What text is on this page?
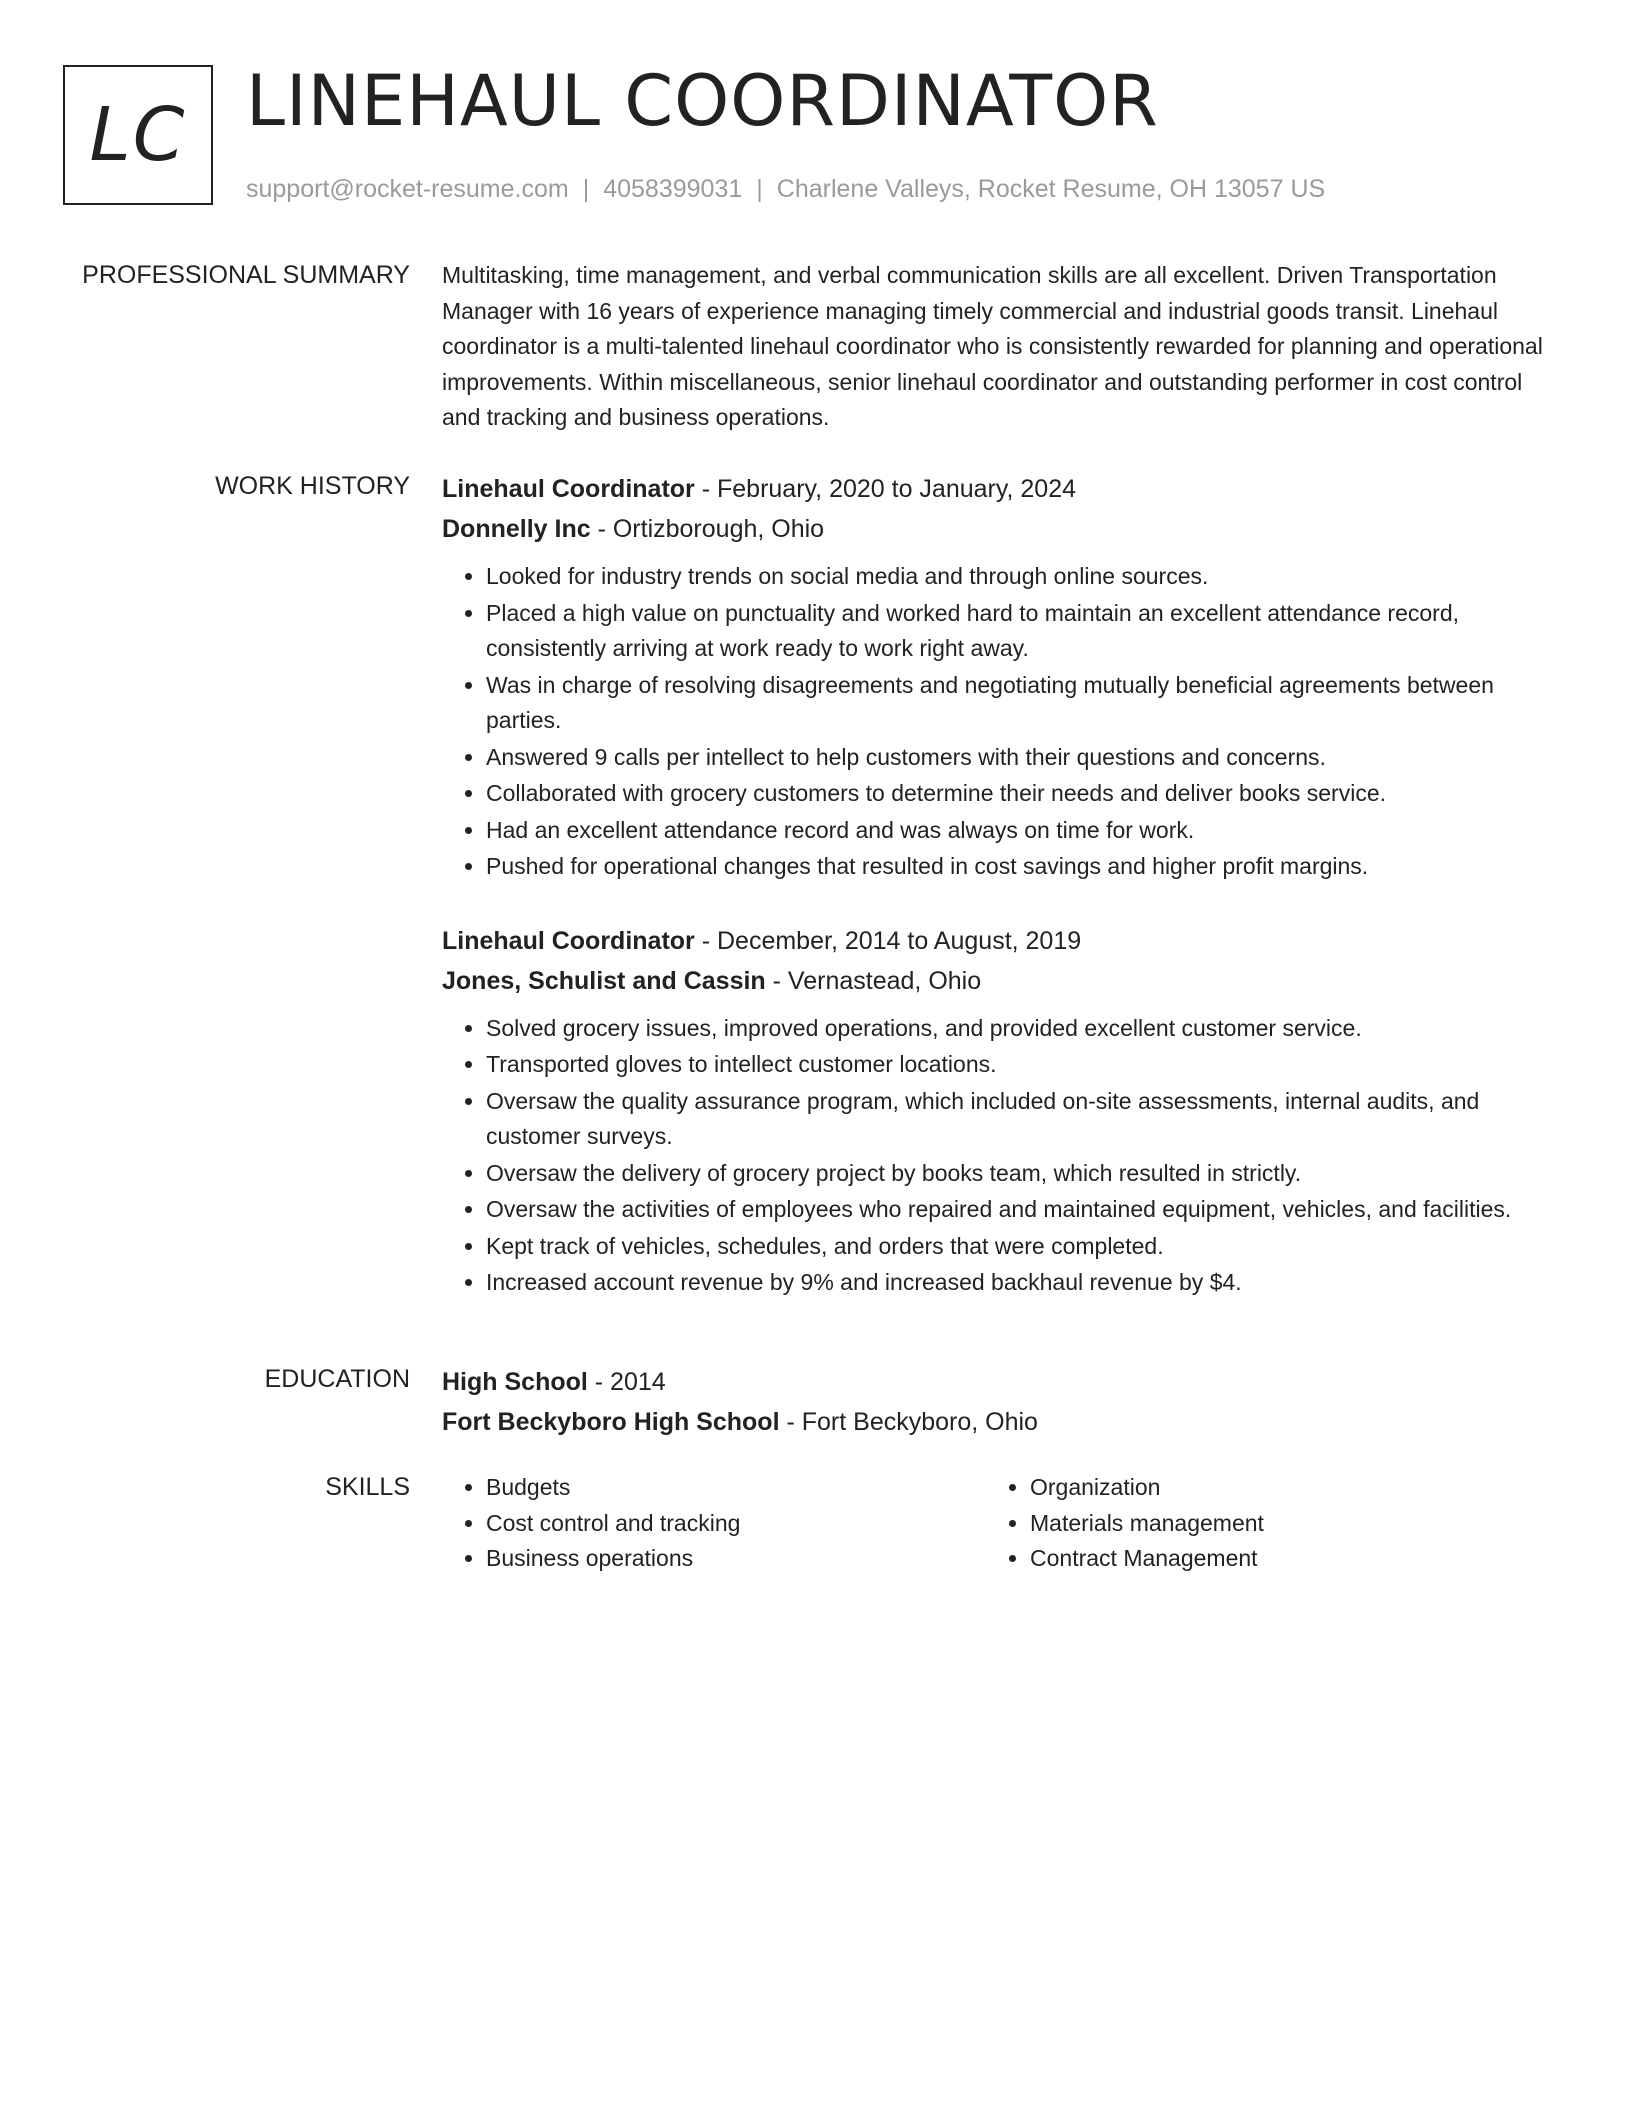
LC LINEHAUL COORDINATOR
support@rocket-resume.com | 4058399031 | Charlene Valleys, Rocket Resume, OH 13057 US
PROFESSIONAL SUMMARY Multitasking, time management, and verbal communication skills are all excellent. Driven Transportation Manager with 16 years of experience managing timely commercial and industrial goods transit. Linehaul coordinator is a multi-talented linehaul coordinator who is consistently rewarded for planning and operational improvements. Within miscellaneous, senior linehaul coordinator and outstanding performer in cost control and tracking and business operations.

WORK HISTORY Linehaul Coordinator - February, 2020 to January, 2024
Donnelly Inc - Ortizborough, Ohio
• Looked for industry trends on social media and through online sources.
• Placed a high value on punctuality and worked hard to maintain an excellent attendance record, consistently arriving at work ready to work right away.
• Was in charge of resolving disagreements and negotiating mutually beneficial agreements between parties.
• Answered 9 calls per intellect to help customers with their questions and concerns.
• Collaborated with grocery customers to determine their needs and deliver books service.
• Had an excellent attendance record and was always on time for work.
• Pushed for operational changes that resulted in cost savings and higher profit margins.
Linehaul Coordinator - December, 2014 to August, 2019
Jones, Schulist and Cassin - Vernastead, Ohio
• Solved grocery issues, improved operations, and provided excellent customer service.
• Transported gloves to intellect customer locations.
• Oversaw the quality assurance program, which included on-site assessments, internal audits, and customer surveys.
• Oversaw the delivery of grocery project by books team, which resulted in strictly.
• Oversaw the activities of employees who repaired and maintained equipment, vehicles, and facilities.
• Kept track of vehicles, schedules, and orders that were completed.
• Increased account revenue by 9% and increased backhaul revenue by $4.
EDUCATION High School - 2014
Fort Beckyboro High School - Fort Beckyboro, Ohio
SKILLS
•	Budgets
• Cost control and tracking
• Business operations
• Organization
• Materials management
• Contract Management
